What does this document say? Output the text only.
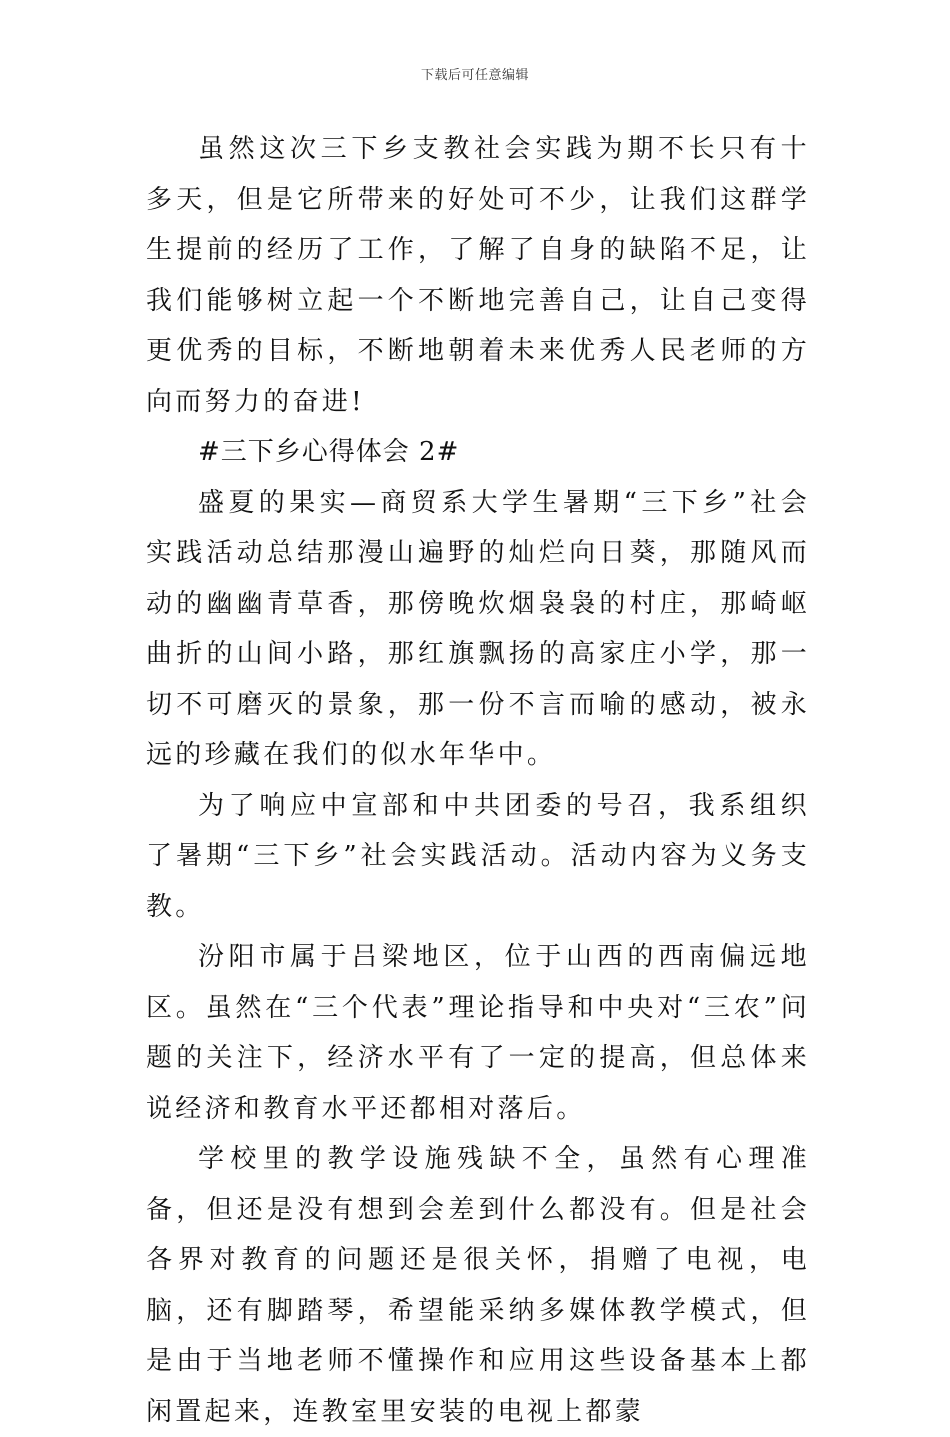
下载后可任意编辑

虽然这次三下乡支教社会实践为期不长只有十多天，但是它所带来的好处可不少，让我们这群学生提前的经历了工作，了解了自身的缺陷不足，让我们能够树立起一个不断地完善自己，让自己变得更优秀的目标，不断地朝着未来优秀人民老师的方向而努力的奋进!

#三下乡心得体会 2#

盛夏的果实—商贸系大学生暑期“三下乡”社会实践活动总结那漫山遍野的灿烂向日葵，那随风而动的幽幽青草香，那傍晚炊烟袅袅的村庄，那崎岖曲折的山间小路，那红旗飘扬的高家庄小学，那一切不可磨灭的景象，那一份不言而喻的感动，被永远的珍藏在我们的似水年华中。

为了响应中宣部和中共团委的号召，我系组织了暑期“三下乡”社会实践活动。活动内容为义务支教。

汾阳市属于吕梁地区，位于山西的西南偏远地区。虽然在“三个代表”理论指导和中央对“三农”问题的关注下，经济水平有了一定的提高，但总体来说经济和教育水平还都相对落后。

学校里的教学设施残缺不全，虽然有心理准备，但还是没有想到会差到什么都没有。但是社会各界对教育的问题还是很关怀，捐赠了电视，电脑，还有脚踏琴，希望能采纳多媒体教学模式，但是由于当地老师不懂操作和应用这些设备基本上都闲置起来，连教室里安装的电视上都蒙
